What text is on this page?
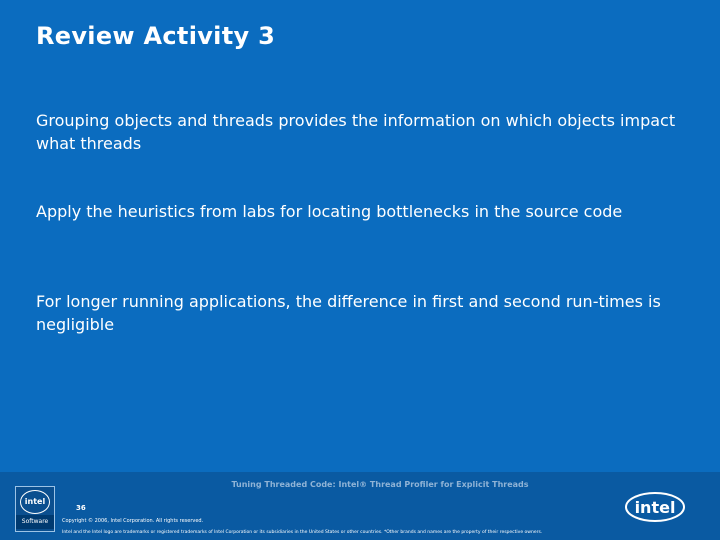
Review Activity 3
Grouping objects and threads provides the information on which objects impact what threads
Apply the heuristics from labs for locating bottlenecks in the source code
For longer running applications, the difference in first and second run-times is negligible
Tuning Threaded Code: Intel® Thread Profiler for Explicit Threads
intel
Software
36
Copyright © 2006, Intel Corporation. All rights reserved.
Intel and the Intel logo are trademarks or registered trademarks of Intel Corporation or its subsidiaries in the United States or other countries. *Other brands and names are the property of their respective owners.
intel
